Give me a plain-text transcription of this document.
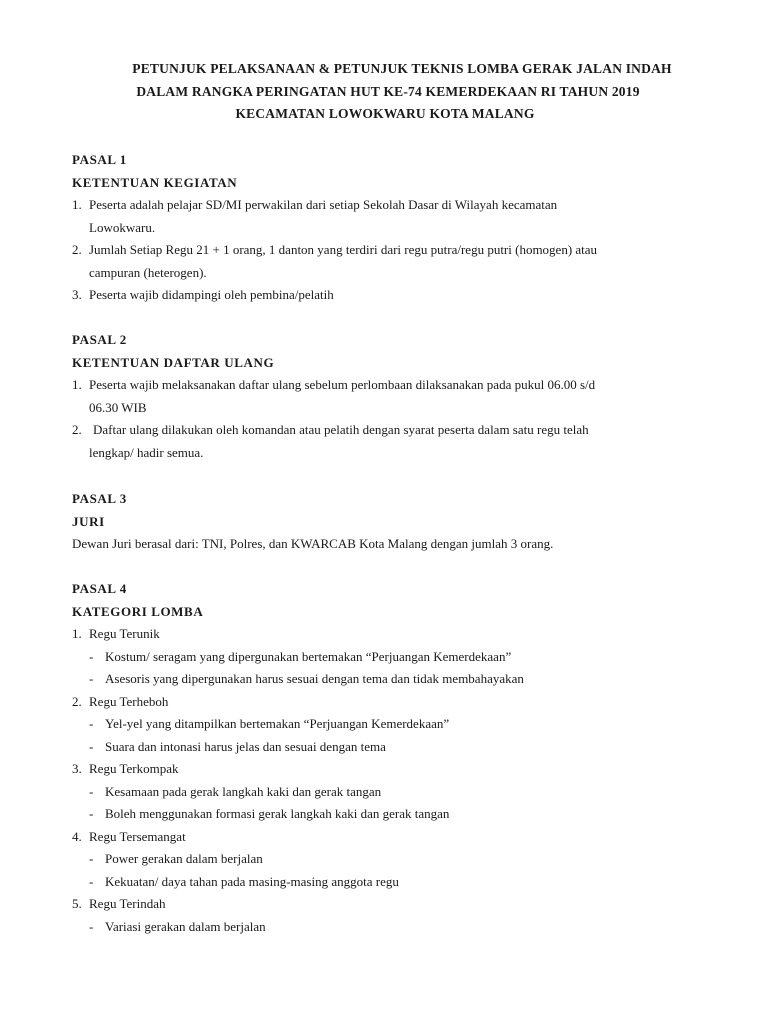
PETUNJUK PELAKSANAAN & PETUNJUK TEKNIS LOMBA GERAK JALAN INDAH
DALAM RANGKA PERINGATAN HUT KE-74 KEMERDEKAAN RI TAHUN 2019
KECAMATAN LOWOKWARU KOTA MALANG
PASAL 1
KETENTUAN KEGIATAN
1. Peserta adalah pelajar SD/MI perwakilan dari setiap Sekolah Dasar di Wilayah kecamatan
Lowokwaru.
2. Jumlah Setiap Regu 21 + 1 orang, 1 danton yang terdiri dari regu putra/regu putri (homogen) atau
campuran (heterogen).
3. Peserta wajib didampingi oleh pembina/pelatih
PASAL 2
KETENTUAN DAFTAR ULANG
1. Peserta wajib melaksanakan daftar ulang sebelum perlombaan dilaksanakan pada pukul 06.00 s/d
06.30 WIB
2. Daftar ulang dilakukan oleh komandan atau pelatih dengan syarat peserta dalam satu regu telah
lengkap/ hadir semua.
PASAL 3
JURI
Dewan Juri berasal dari: TNI, Polres, dan KWARCAB Kota Malang dengan jumlah 3 orang.
PASAL 4
KATEGORI LOMBA
1. Regu Terunik
- Kostum/ seragam yang dipergunakan bertemakan “Perjuangan Kemerdekaan”
- Asesoris yang dipergunakan harus sesuai dengan tema dan tidak membahayakan
2. Regu Terheboh
- Yel-yel yang ditampilkan bertemakan “Perjuangan Kemerdekaan”
- Suara dan intonasi harus jelas dan sesuai dengan tema
3. Regu Terkompak
- Kesamaan pada gerak langkah kaki dan gerak tangan
- Boleh menggunakan formasi gerak langkah kaki dan gerak tangan
4. Regu Tersemangat
- Power gerakan dalam berjalan
- Kekuatan/ daya tahan pada masing-masing anggota regu
5. Regu Terindah
- Variasi gerakan dalam berjalan
